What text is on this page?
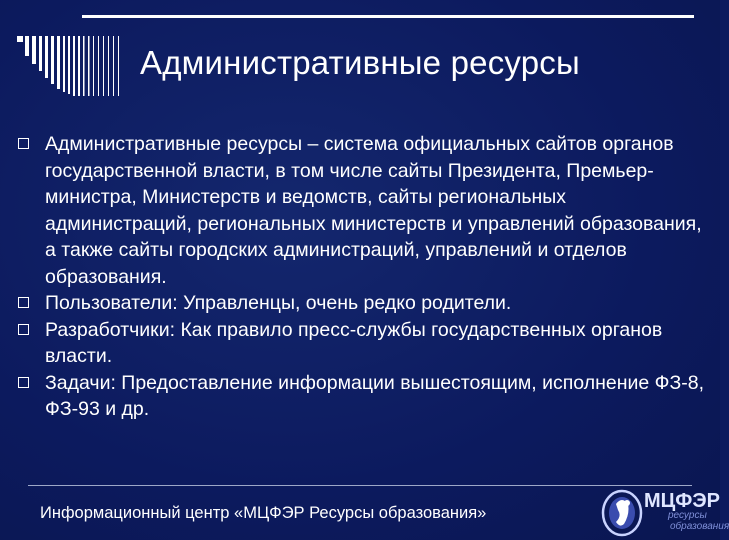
Административные ресурсы
Административные ресурсы – система официальных сайтов органов государственной власти, в том числе сайты Президента, Премьер-министра, Министерств и ведомств, сайты региональных администраций, региональных министерств и управлений образования, а также сайты городских администраций, управлений и отделов образования.
Пользователи: Управленцы, очень редко родители.
Разработчики: Как правило пресс-службы государственных органов власти.
Задачи: Предоставление информации вышестоящим, исполнение ФЗ-8, ФЗ-93 и др.
Информационный центр «МЦФЭР Ресурсы образования»
МЦФЭР
ресурсы
образования
